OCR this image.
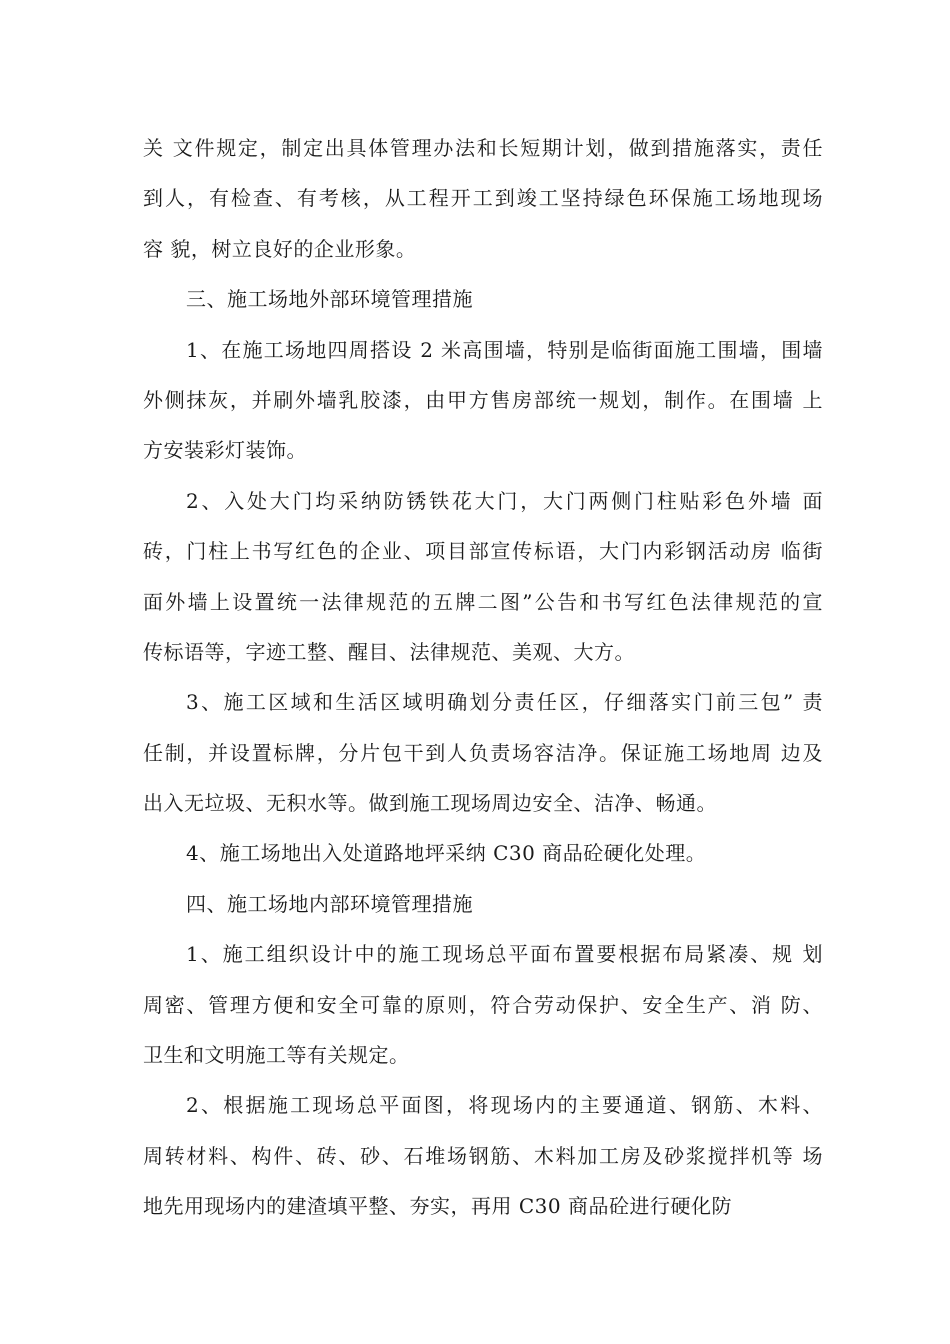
关 文件规定，制定出具体管理办法和长短期计划，做到措施落实，责任
到人，有检查、有考核，从工程开工到竣工坚持绿色环保施工场地现场
容 貌，树立良好的企业形象。
三、施工场地外部环境管理措施
1、在施工场地四周搭设 2 米高围墙，特别是临街面施工围墙，围墙
外侧抹灰，并刷外墙乳胶漆，由甲方售房部统一规划，制作。在围墙 上
方安装彩灯装饰。
2、入处大门均采纳防锈铁花大门，大门两侧门柱贴彩色外墙 面
砖，门柱上书写红色的企业、项目部宣传标语，大门内彩钢活动房 临街
面外墙上设置统一法律规范的五牌二图”公告和书写红色法律规范的宣
传标语等，字迹工整、醒目、法律规范、美观、大方。
3、施工区域和生活区域明确划分责任区，仔细落实门前三包” 责
任制，并设置标牌，分片包干到人负责场容洁净。保证施工场地周 边及
出入无垃圾、无积水等。做到施工现场周边安全、洁净、畅通。
4、施工场地出入处道路地坪采纳 C30 商品砼硬化处理。
四、施工场地内部环境管理措施
1、施工组织设计中的施工现场总平面布置要根据布局紧凑、规 划
周密、管理方便和安全可靠的原则，符合劳动保护、安全生产、消 防、
卫生和文明施工等有关规定。
2、根据施工现场总平面图，将现场内的主要通道、钢筋、木料、
周转材料、构件、砖、砂、石堆场钢筋、木料加工房及砂浆搅拌机等 场
地先用现场内的建渣填平整、夯实，再用 C30 商品砼进行硬化防
